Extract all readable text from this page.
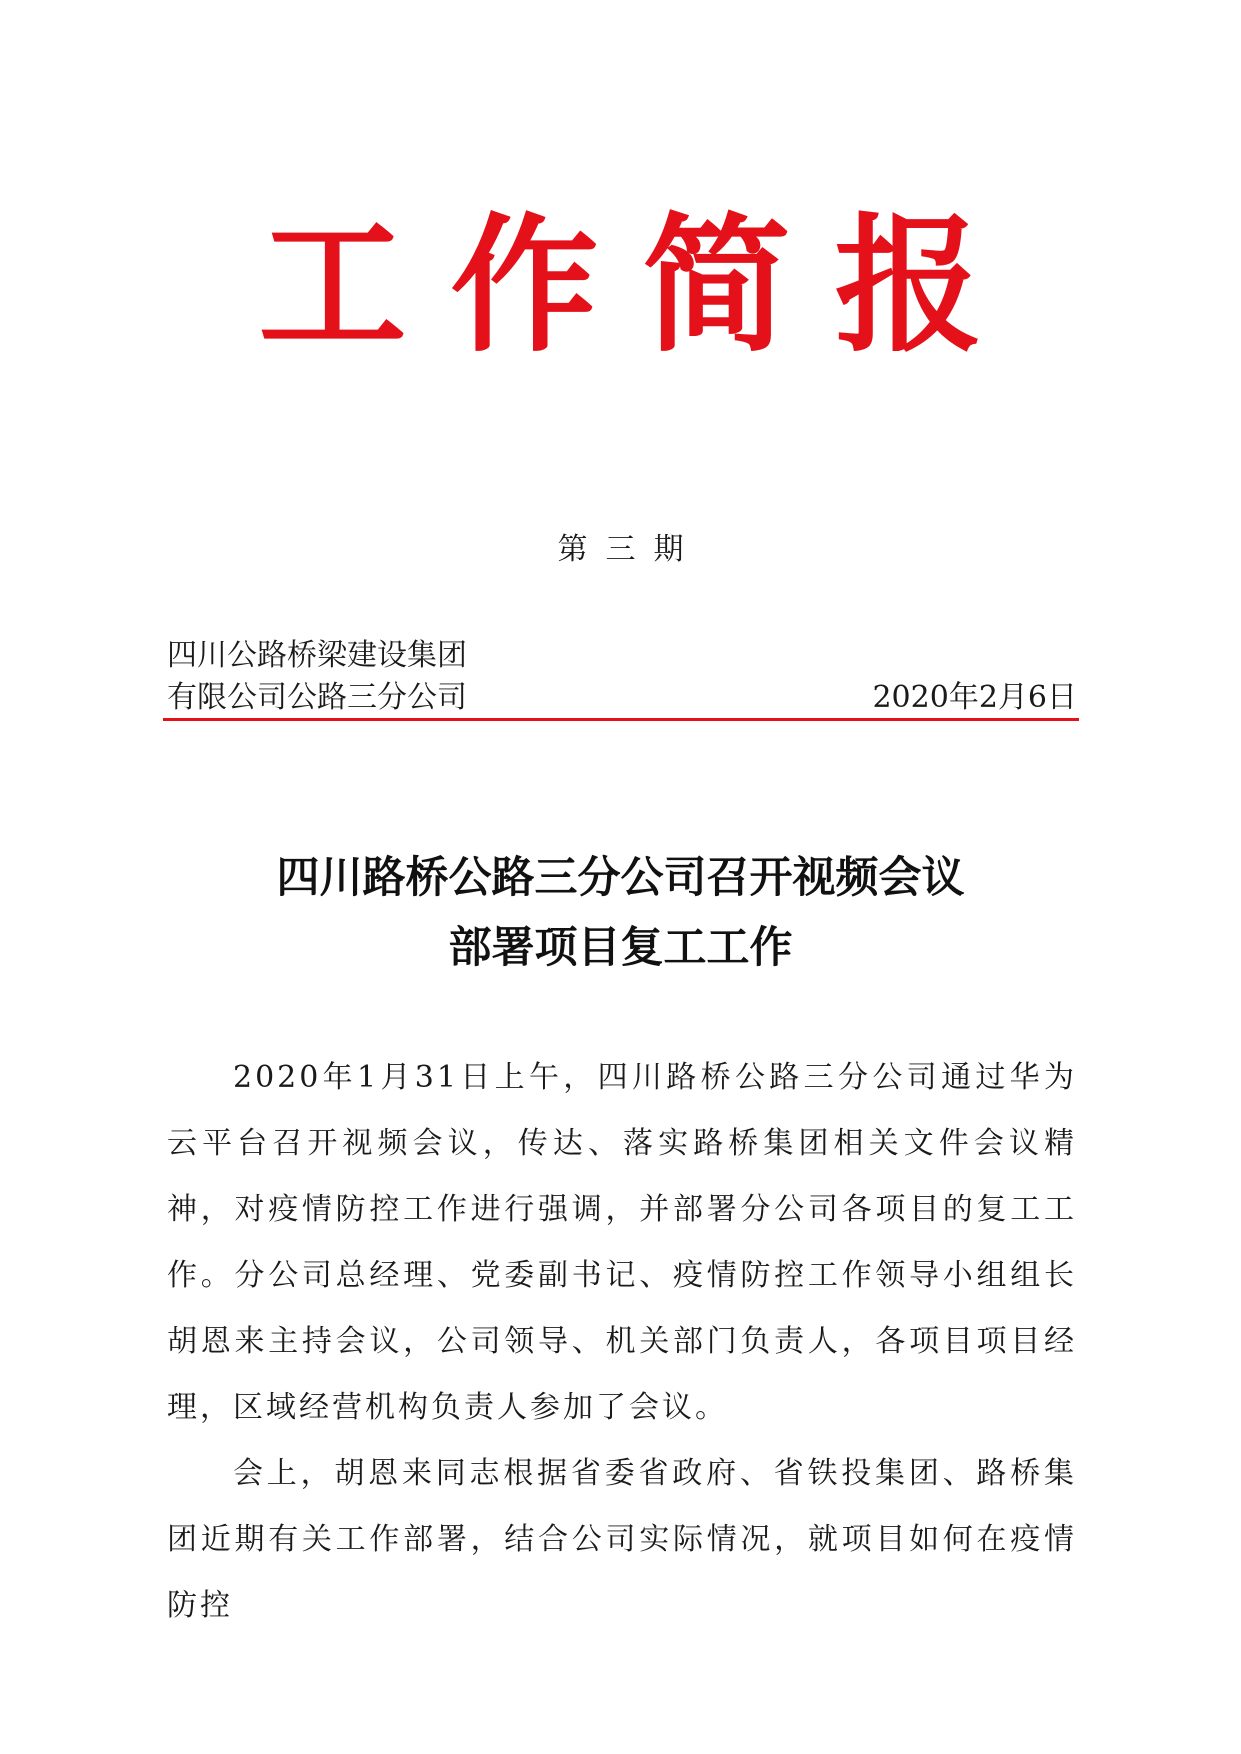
工作简报
第三期
四川公路桥梁建设集团
有限公司公路三分公司	2020年2月6日
四川路桥公路三分公司召开视频会议
部署项目复工工作

2020年1月31日上午，四川路桥公路三分公司通过华为云平台召开视频会议，传达、落实路桥集团相关文件会议精神，对疫情防控工作进行强调，并部署分公司各项目的复工工作。分公司总经理、党委副书记、疫情防控工作领导小组组长胡恩来主持会议，公司领导、机关部门负责人，各项目项目经理，区域经营机构负责人参加了会议。

会上，胡恩来同志根据省委省政府、省铁投集团、路桥集团近期有关工作部署，结合公司实际情况，就项目如何在疫情防控
